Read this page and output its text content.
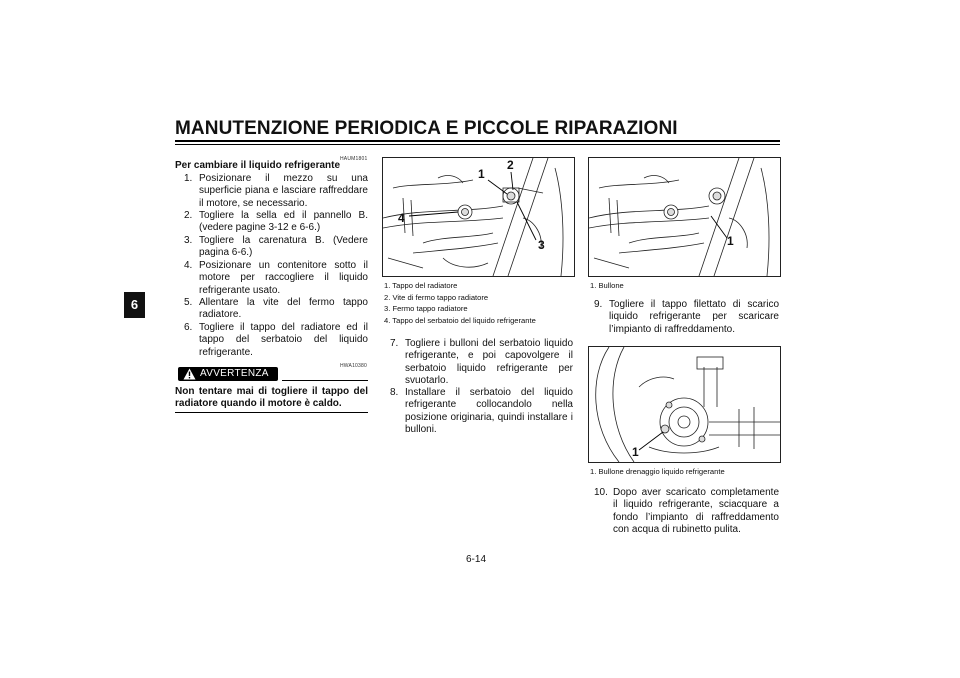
MANUTENZIONE PERIODICA E PICCOLE RIPARAZIONI
6
HAUM1801
Per cambiare il liquido refrigerante
1. Posizionare il mezzo su una superficie piana e lasciare raffreddare il motore, se necessario.
2. Togliere la sella ed il pannello B. (vedere pagine 3-12 e 6-6.)
3. Togliere la carenatura B. (Vedere pagina 6-6.)
4. Posizionare un contenitore sotto il motore per raccogliere il liquido refrigerante usato.
5. Allentare la vite del fermo tappo radiatore.
6. Togliere il tappo del radiatore ed il tappo del serbatoio del liquido refrigerante.
HWA10380
AVVERTENZA
Non tentare mai di togliere il tappo del radiatore quando il motore è caldo.
1
2
3
4
1. Tappo del radiatore
2. Vite di fermo tappo radiatore
3. Fermo tappo radiatore
4. Tappo del serbatoio del liquido refrigerante
7. Togliere i bulloni del serbatoio liquido refrigerante, e poi capovolgere il serbatoio liquido refrigerante per svuotarlo.
8. Installare il serbatoio del liquido refrigerante collocandolo nella posizione originaria, quindi installare i bulloni.
1
1. Bullone
9. Togliere il tappo filettato di scarico liquido refrigerante per scaricare l’impianto di raffreddamento.
1
1. Bullone drenaggio liquido refrigerante
10. Dopo aver scaricato completamente il liquido refrigerante, sciacquare a fondo l’impianto di raffreddamento con acqua di rubinetto pulita.
6-14
